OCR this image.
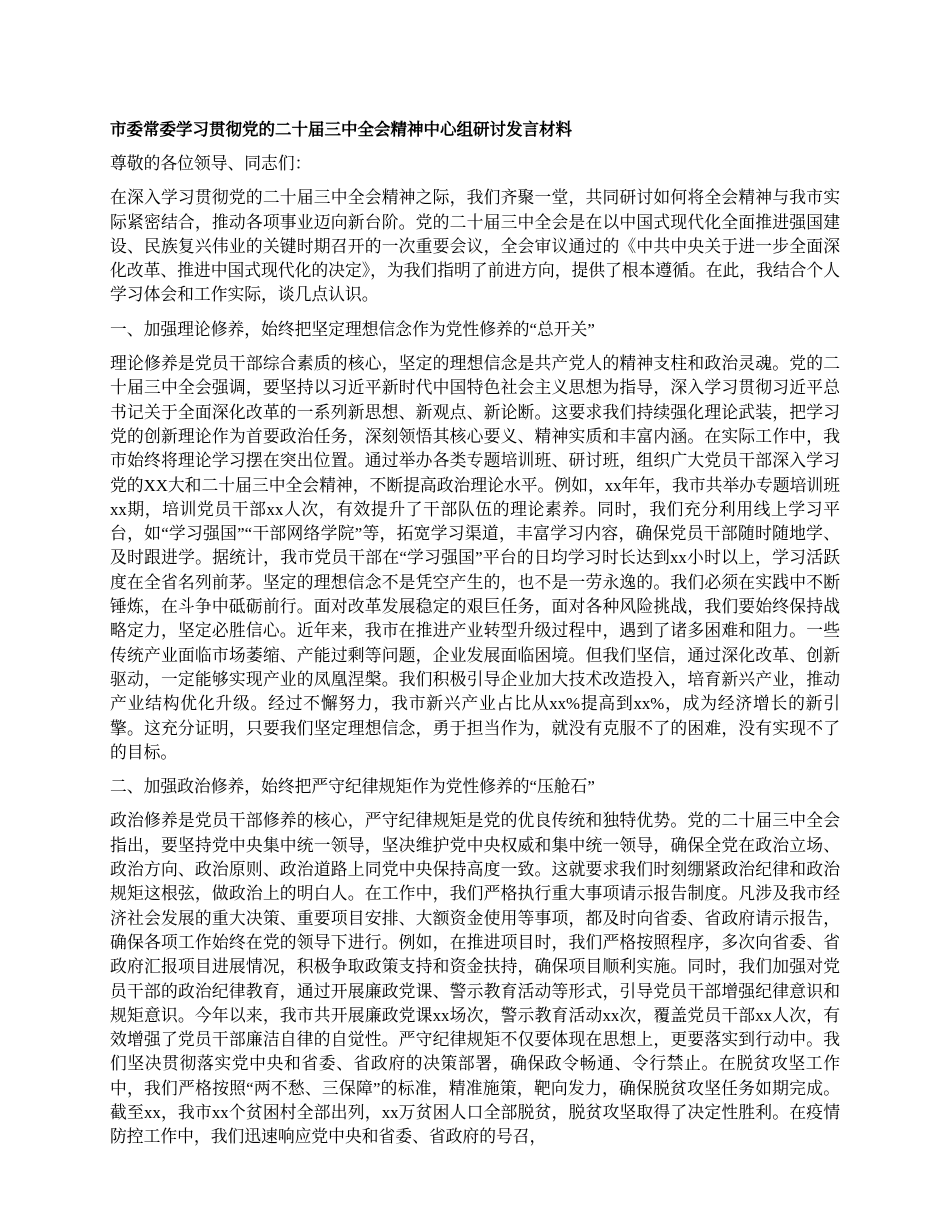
市委常委学习贯彻党的二十届三中全会精神中心组研讨发言材料

尊敬的各位领导、同志们：

在深入学习贯彻党的二十届三中全会精神之际，我们齐聚一堂，共同研讨如何将全会精神与我市实际紧密结合，推动各项事业迈向新台阶。党的二十届三中全会是在以中国式现代化全面推进强国建设、民族复兴伟业的关键时期召开的一次重要会议，全会审议通过的《中共中央关于进一步全面深化改革、推进中国式现代化的决定》，为我们指明了前进方向，提供了根本遵循。在此，我结合个人学习体会和工作实际，谈几点认识。

一、加强理论修养，始终把坚定理想信念作为党性修养的“总开关”

理论修养是党员干部综合素质的核心，坚定的理想信念是共产党人的精神支柱和政治灵魂。党的二十届三中全会强调，要坚持以习近平新时代中国特色社会主义思想为指导，深入学习贯彻习近平总书记关于全面深化改革的一系列新思想、新观点、新论断。这要求我们持续强化理论武装，把学习党的创新理论作为首要政治任务，深刻领悟其核心要义、精神实质和丰富内涵。在实际工作中，我市始终将理论学习摆在突出位置。通过举办各类专题培训班、研讨班，组织广大党员干部深入学习党的XX大和二十届三中全会精神，不断提高政治理论水平。例如，xx年年，我市共举办专题培训班xx期，培训党员干部xx人次，有效提升了干部队伍的理论素养。同时，我们充分利用线上学习平台，如“学习强国”“干部网络学院”等，拓宽学习渠道，丰富学习内容，确保党员干部随时随地学、及时跟进学。据统计，我市党员干部在“学习强国”平台的日均学习时长达到xx小时以上，学习活跃度在全省名列前茅。坚定的理想信念不是凭空产生的，也不是一劳永逸的。我们必须在实践中不断锤炼，在斗争中砥砺前行。面对改革发展稳定的艰巨任务，面对各种风险挑战，我们要始终保持战略定力，坚定必胜信心。近年来，我市在推进产业转型升级过程中，遇到了诸多困难和阻力。一些传统产业面临市场萎缩、产能过剩等问题，企业发展面临困境。但我们坚信，通过深化改革、创新驱动，一定能够实现产业的凤凰涅槃。我们积极引导企业加大技术改造投入，培育新兴产业，推动产业结构优化升级。经过不懈努力，我市新兴产业占比从xx%提高到xx%，成为经济增长的新引擎。这充分证明，只要我们坚定理想信念，勇于担当作为，就没有克服不了的困难，没有实现不了的目标。

二、加强政治修养，始终把严守纪律规矩作为党性修养的“压舱石”

政治修养是党员干部修养的核心，严守纪律规矩是党的优良传统和独特优势。党的二十届三中全会指出，要坚持党中央集中统一领导，坚决维护党中央权威和集中统一领导，确保全党在政治立场、政治方向、政治原则、政治道路上同党中央保持高度一致。这就要求我们时刻绷紧政治纪律和政治规矩这根弦，做政治上的明白人。在工作中，我们严格执行重大事项请示报告制度。凡涉及我市经济社会发展的重大决策、重要项目安排、大额资金使用等事项，都及时向省委、省政府请示报告，确保各项工作始终在党的领导下进行。例如，在推进项目时，我们严格按照程序，多次向省委、省政府汇报项目进展情况，积极争取政策支持和资金扶持，确保项目顺利实施。同时，我们加强对党员干部的政治纪律教育，通过开展廉政党课、警示教育活动等形式，引导党员干部增强纪律意识和规矩意识。今年以来，我市共开展廉政党课xx场次，警示教育活动xx次，覆盖党员干部xx人次，有效增强了党员干部廉洁自律的自觉性。严守纪律规矩不仅要体现在思想上，更要落实到行动中。我们坚决贯彻落实党中央和省委、省政府的决策部署，确保政令畅通、令行禁止。在脱贫攻坚工作中，我们严格按照“两不愁、三保障”的标准，精准施策，靶向发力，确保脱贫攻坚任务如期完成。截至xx，我市xx个贫困村全部出列，xx万贫困人口全部脱贫，脱贫攻坚取得了决定性胜利。在疫情防控工作中，我们迅速响应党中央和省委、省政府的号召，
